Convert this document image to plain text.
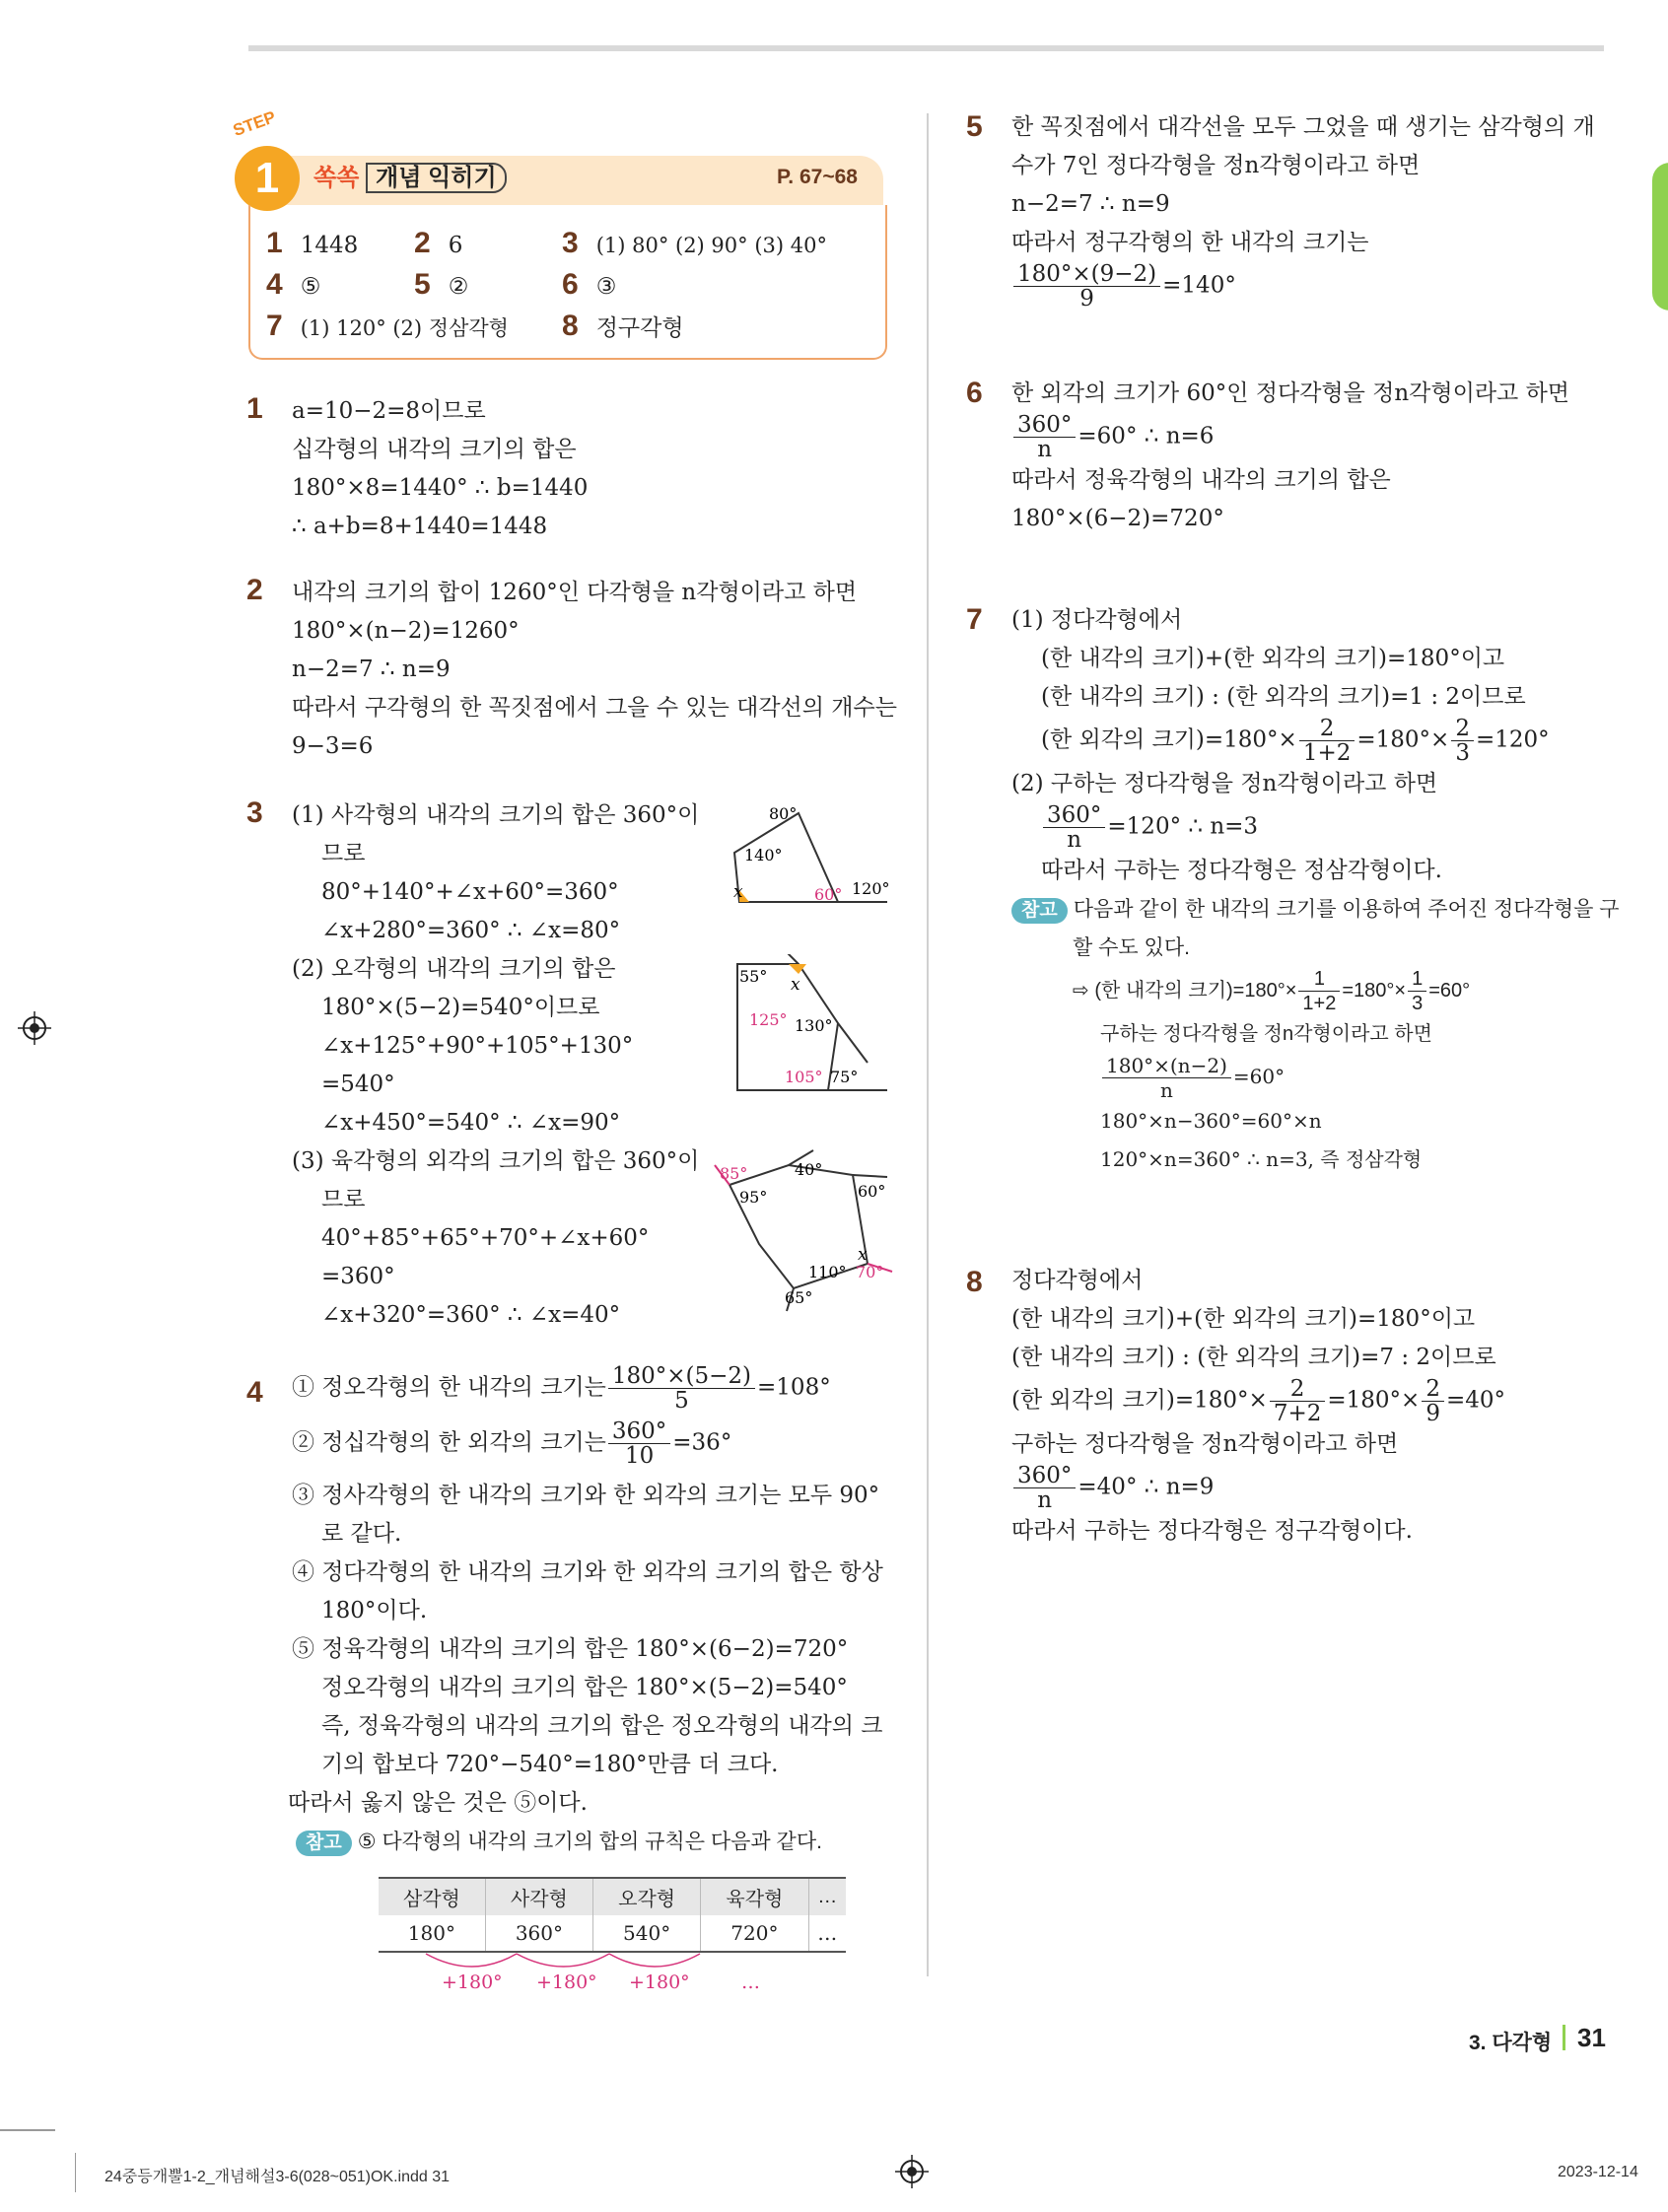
STEP
1	쏙쏙 개념 익히기	P. 67~68
1 1448 2 6	3 (1) 80° (2) 90° (3) 40°
4 ⑤	5 ②	6 ③
7 (1) 120° (2) 정삼각형 8 정구각형
1 a=10−2=8이므로
십각형의 내각의 크기의 합은
180°×8=1440° ∴ b=1440
∴ a+b=8+1440=1448
2 내각의 크기의 합이 1260°인 다각형을 n각형이라고 하면
180°×(n−2)=1260°
n−2=7 ∴ n=9
따라서 구각형의 한 꼭짓점에서 그을 수 있는 대각선의 개수는
9−3=6
3 (1) 사각형의 내각의 크기의 합은 360°이
므로
80°+140°+∠x+60°=360°
∠x+280°=360° ∴ ∠x=80°
(2) 오각형의 내각의 크기의 합은
180°×(5−2)=540°이므로
∠x+125°+90°+105°+130°
=540°
∠x+450°=540° ∴ ∠x=90°
(3) 육각형의 외각의 크기의 합은 360°이
므로
40°+85°+65°+70°+∠x+60°
=360°
∠x+320°=360° ∴ ∠x=40°
80°
140°
x	60° 120°
55° x
125° 130°
105° 75°
85°	40°
95°	60°
110°
x
70°
65°
4 ① 정오각형의 한 내각의 크기는 $\frac{180^\circ\times(5-2)}{5} =108^\circ$
② 정십각형의 한 외각의 크기는 $\frac{360^\circ}{10} =36^\circ$
③ 정사각형의 한 내각의 크기와 한 외각의 크기는 모두 90°
로 같다.
④ 정다각형의 한 내각의 크기와 한 외각의 크기의 합은 항상
180°이다.
⑤ 정육각형의 내각의 크기의 합은 180°×(6−2)=720°
정오각형의 내각의 크기의 합은 180°×(5−2)=540°
즉, 정육각형의 내각의 크기의 합은 정오각형의 내각의 크
기의 합보다 720°−540°=180°만큼 더 크다.
따라서 옳지 않은 것은 ⑤이다.
참고 ⑤ 다각형의 내각의 크기의 합의 규칙은 다음과 같다.
삼각형	사각형	오각형	육각형	…
180°	360°	540°	720°	…
+180° +180° +180°	…
5 한 꼭짓점에서 대각선을 모두 그었을 때 생기는 삼각형의 개
수가 7인 정다각형을 정n각형이라고 하면
n−2=7 ∴ n=9
따라서 정구각형의 한 내각의 크기는
$\frac{180^\circ\times(9-2)}{9} =140^\circ$
6 한 외각의 크기가 60°인 정다각형을 정n각형이라고 하면
$\frac{360^\circ}{n} =60^\circ$ ∴ n=6
따라서 정육각형의 내각의 크기의 합은
180°×(6−2)=720°
7 (1) 정다각형에서
(한 내각의 크기)+(한 외각의 크기)=180°이고
(한 내각의 크기) : (한 외각의 크기)=1 : 2이므로
(한 외각의 크기)$=180^\circ\times \frac{2}{1+2} =180^\circ\times \frac{2}{3} =120^\circ$
(2) 구하는 정다각형을 정n각형이라고 하면
$\frac{360^\circ}{n} =120^\circ$ ∴ n=3
따라서 구하는 정다각형은 정삼각형이다.
참고 다음과 같이 한 내각의 크기를 이용하여 주어진 정다각형을 구
할 수도 있다.
⇨ (한 내각의 크기)$=180^\circ\times \frac{1}{1+2} =180^\circ\times \frac{1}{3} =60^\circ$
구하는 정다각형을 정n각형이라고 하면
$\frac{180^\circ\times(n-2)}{n} =60^\circ$
180°×n−360°=60°×n
120°×n=360° ∴ n=3, 즉 정삼각형
8 정다각형에서
(한 내각의 크기)+(한 외각의 크기)=180°이고
(한 내각의 크기) : (한 외각의 크기)=7 : 2이므로
(한 외각의 크기)$=180^\circ\times \frac{2}{7+2} =180^\circ\times \frac{2}{9} =40^\circ$
구하는 정다각형을 정n각형이라고 하면
$\frac{360^\circ}{n} =40^\circ$ ∴ n=9
따라서 구하는 정다각형은 정구각형이다.
3. 다각형 31
24중등개뿔1-2_개념해설3-6(028~051)OK.indd 31	2023-12-14
